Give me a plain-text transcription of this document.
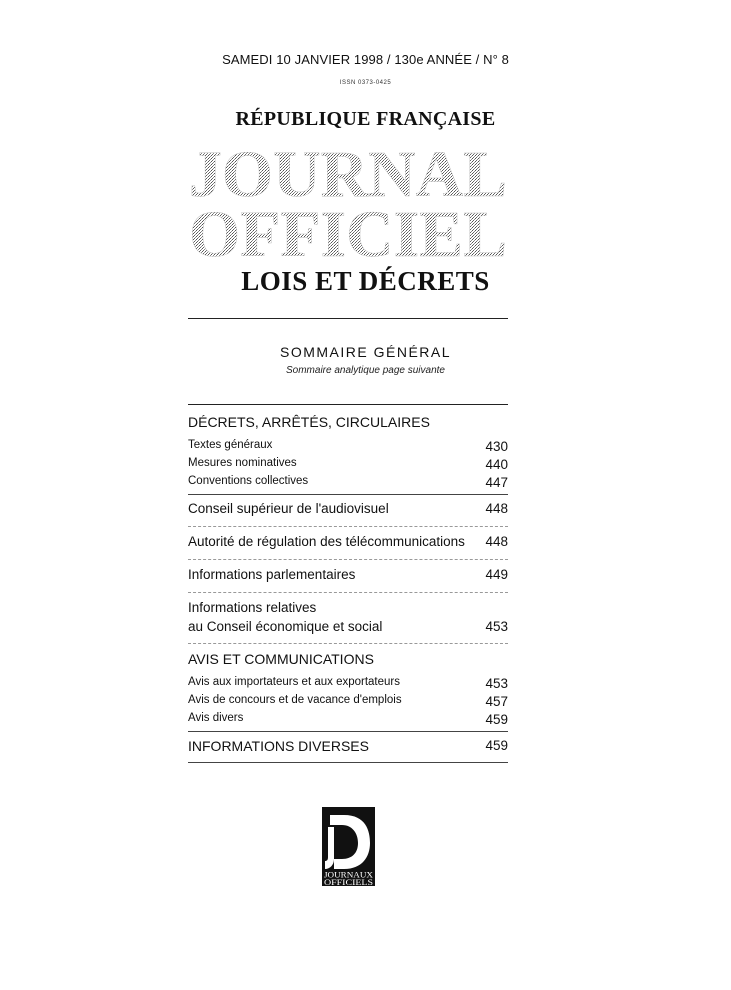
SAMEDI 10 JANVIER 1998 / 130e ANNÉE / N° 8
ISSN 0373-0425
RÉPUBLIQUE FRANÇAISE
JOURNAL
OFFICIEL
LOIS ET DÉCRETS
SOMMAIRE GÉNÉRAL
Sommaire analytique page suivante
DÉCRETS, ARRÊTÉS, CIRCULAIRES
Textes généraux	430
Mesures nominatives	440
Conventions collectives	447
Conseil supérieur de l'audiovisuel	448
Autorité de régulation des télécommunications 448
Informations parlementaires	449
Informations relatives
au Conseil économique et social	453
AVIS ET COMMUNICATIONS
Avis aux importateurs et aux exportateurs	453
Avis de concours et de vacance d'emplois	457
Avis divers	459
INFORMATIONS DIVERSES	459
JOURNAUX
OFFICIELS
